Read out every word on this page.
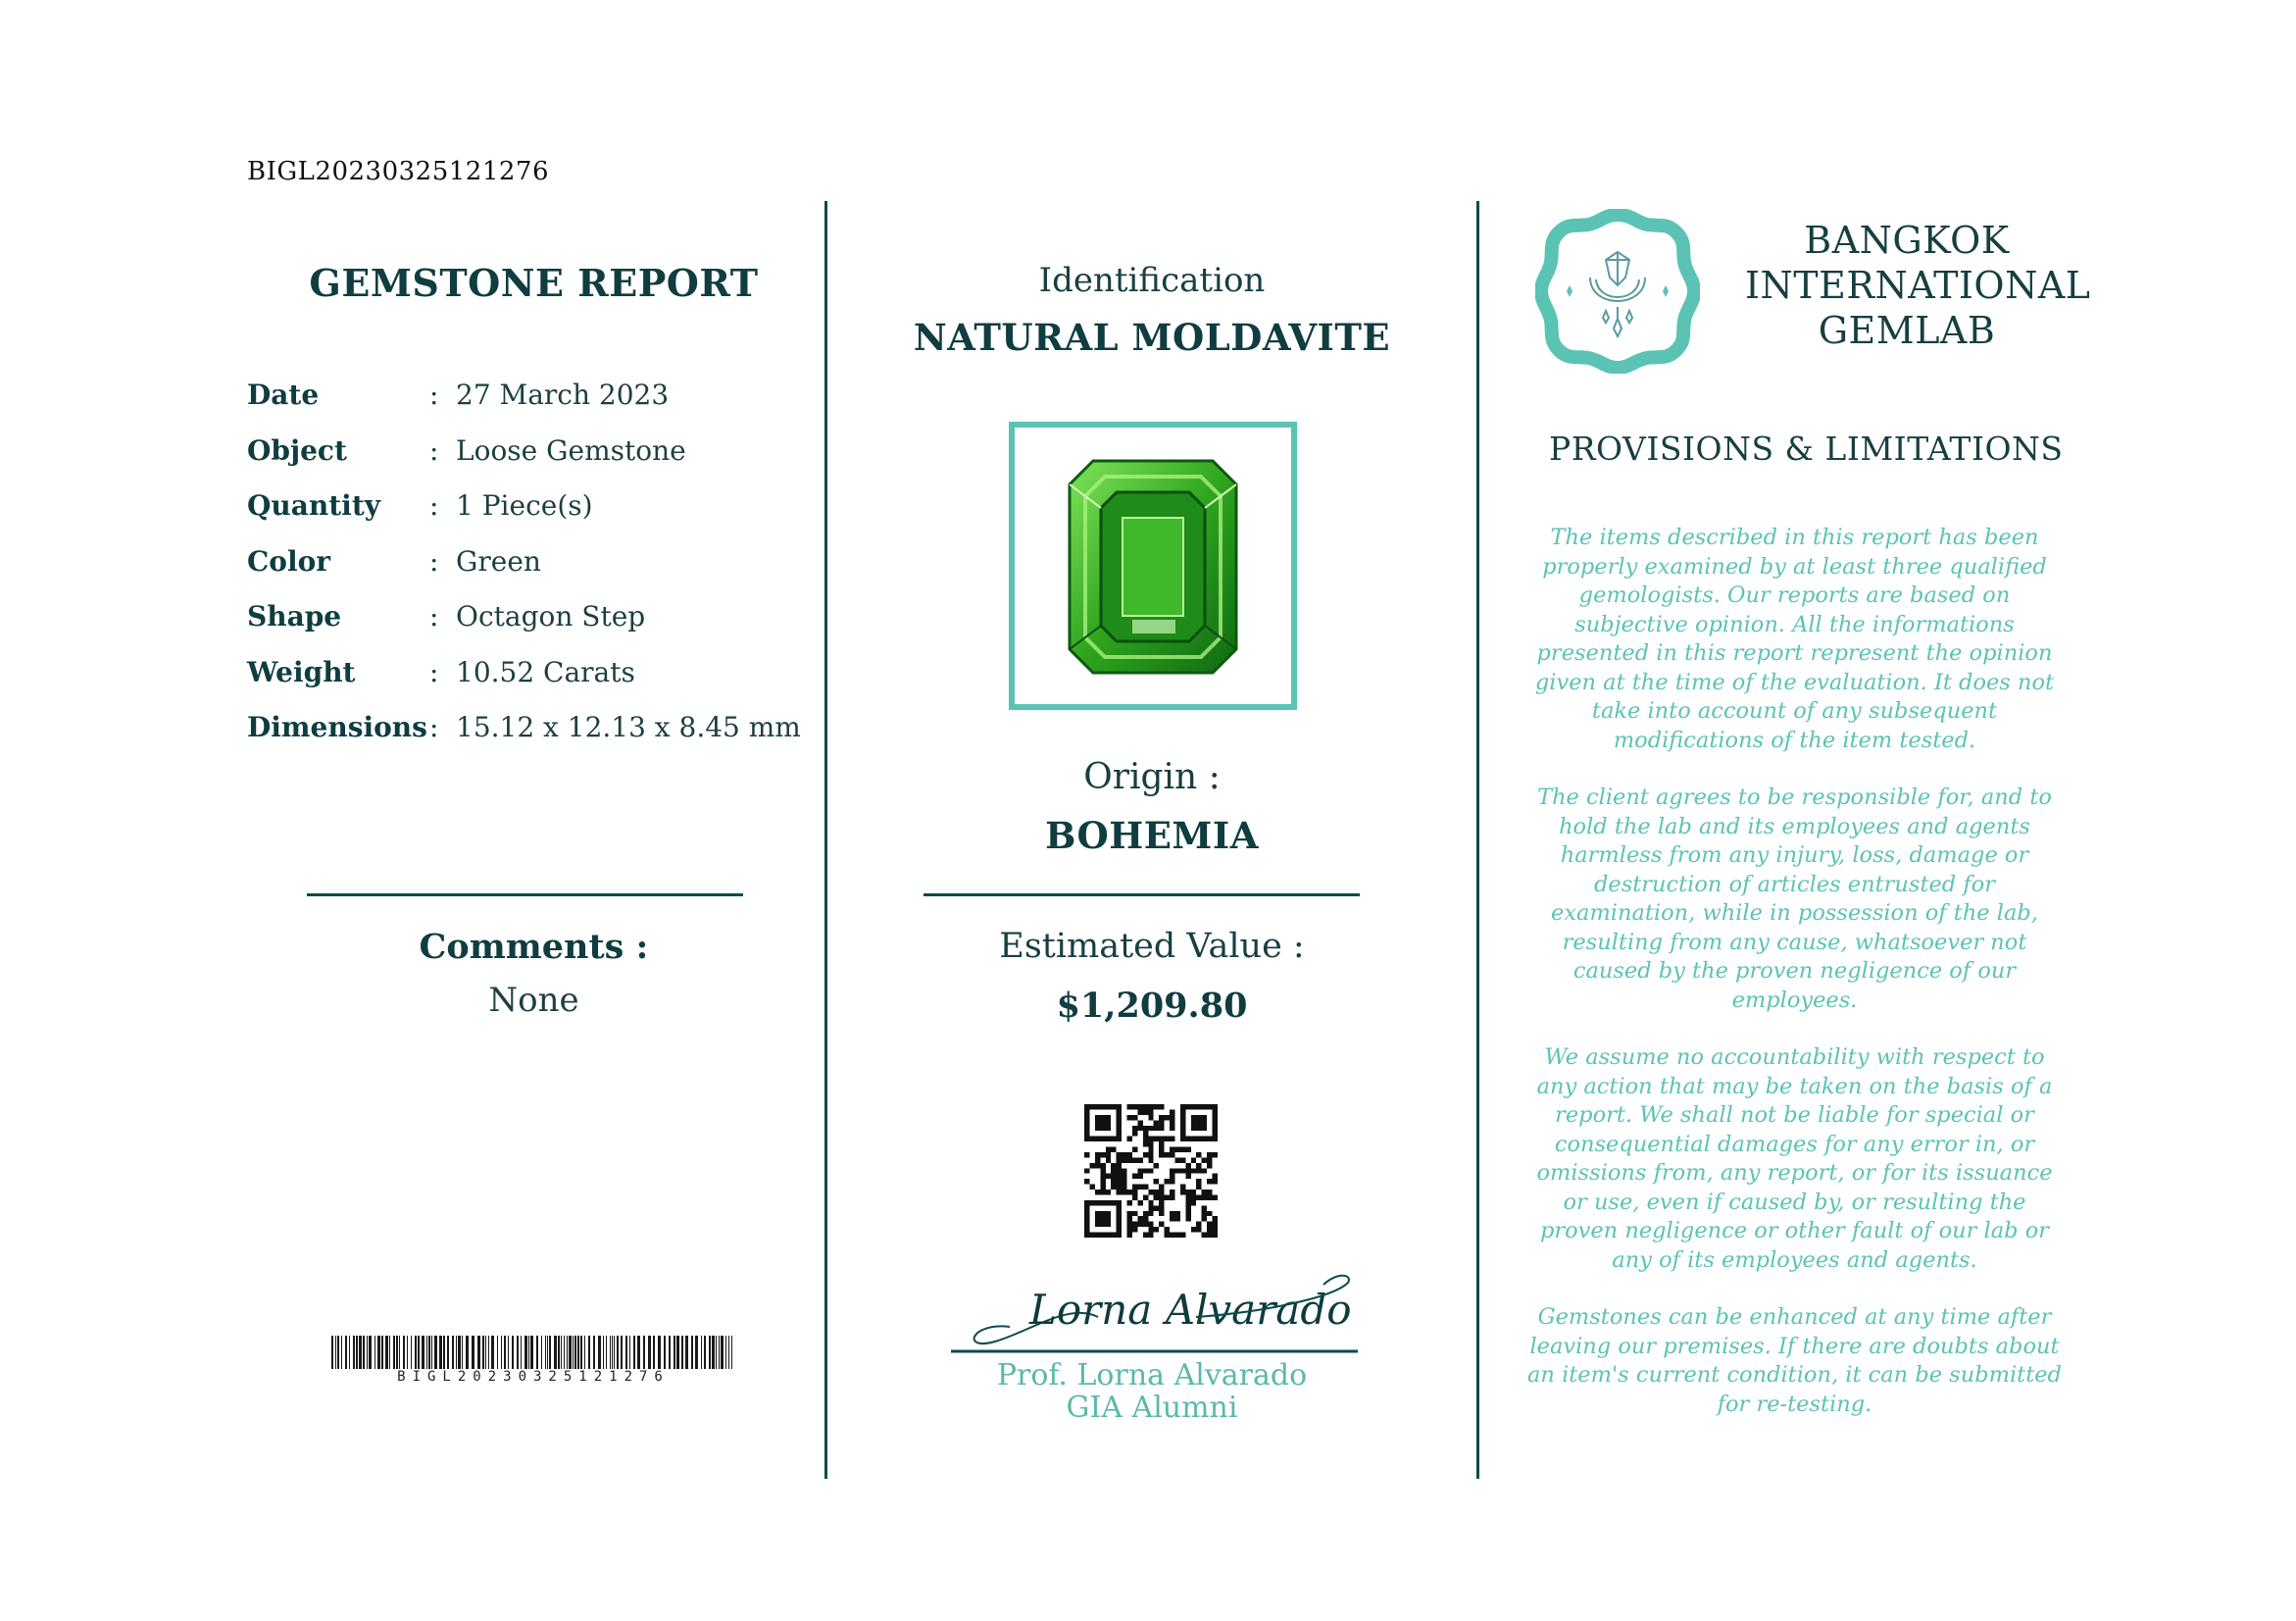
BIGL20230325121276
GEMSTONE REPORT
Date	: 27 March 2023
Object	: Loose Gemstone
Quantity : 1 Piece(s)
Color	: Green
Shape	: Octagon Step
Weight	: 10.52 Carats
Dimensions : 15.12 x 12.13 x 8.45 mm
Comments :
None
BIGL20230325121276
Identification
NATURAL MOLDAVITE
Origin :
BOHEMIA
Estimated Value :
$1,209.80
Lorna Alvarado
Prof. Lorna Alvarado
GIA Alumni
BANGKOK
INTERNATIONAL
GEMLAB
PROVISIONS & LIMITATIONS

The items described in this report has been properly examined by at least three qualified gemologists. Our reports are based on subjective opinion. All the informations presented in this report represent the opinion given at the time of the evaluation. It does not take into account of any subsequent modifications of the item tested.

The client agrees to be responsible for, and to hold the lab and its employees and agents harmless from any injury, loss, damage or destruction of articles entrusted for examination, while in possession of the lab, resulting from any cause, whatsoever not caused by the proven negligence of our employees.

We assume no accountability with respect to any action that may be taken on the basis of a report. We shall not be liable for special or consequential damages for any error in, or omissions from, any report, or for its issuance or use, even if caused by, or resulting the proven negligence or other fault of our lab or any of its employees and agents.

Gemstones can be enhanced at any time after leaving our premises. If there are doubts about an item's current condition, it can be submitted for re-testing.
